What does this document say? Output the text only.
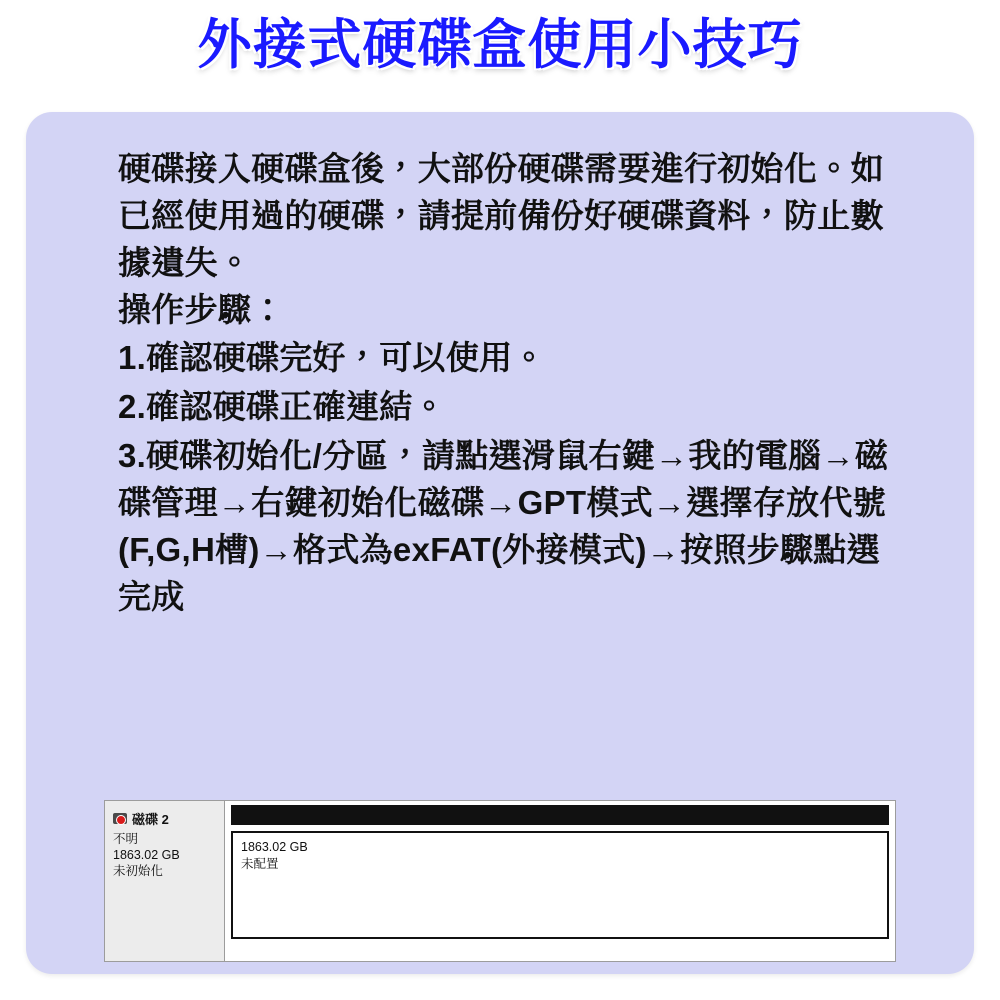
外接式硬碟盒使用小技巧

硬碟接入硬碟盒後，大部份硬碟需要進行初始化。如已經使用過的硬碟，請提前備份好硬碟資料，防止數據遺失。

操作步驟：

1.確認硬碟完好，可以使用。

2.確認硬碟正確連結。

3.硬碟初始化/分區，請點選滑鼠右鍵→我的電腦→磁碟管理→右鍵初始化磁碟→GPT模式→選擇存放代號(F,G,H槽)→格式為exFAT(外接模式)→按照步驟點選完成

磁碟 2
不明
1863.02 GB
未初始化
1863.02 GB
未配置
